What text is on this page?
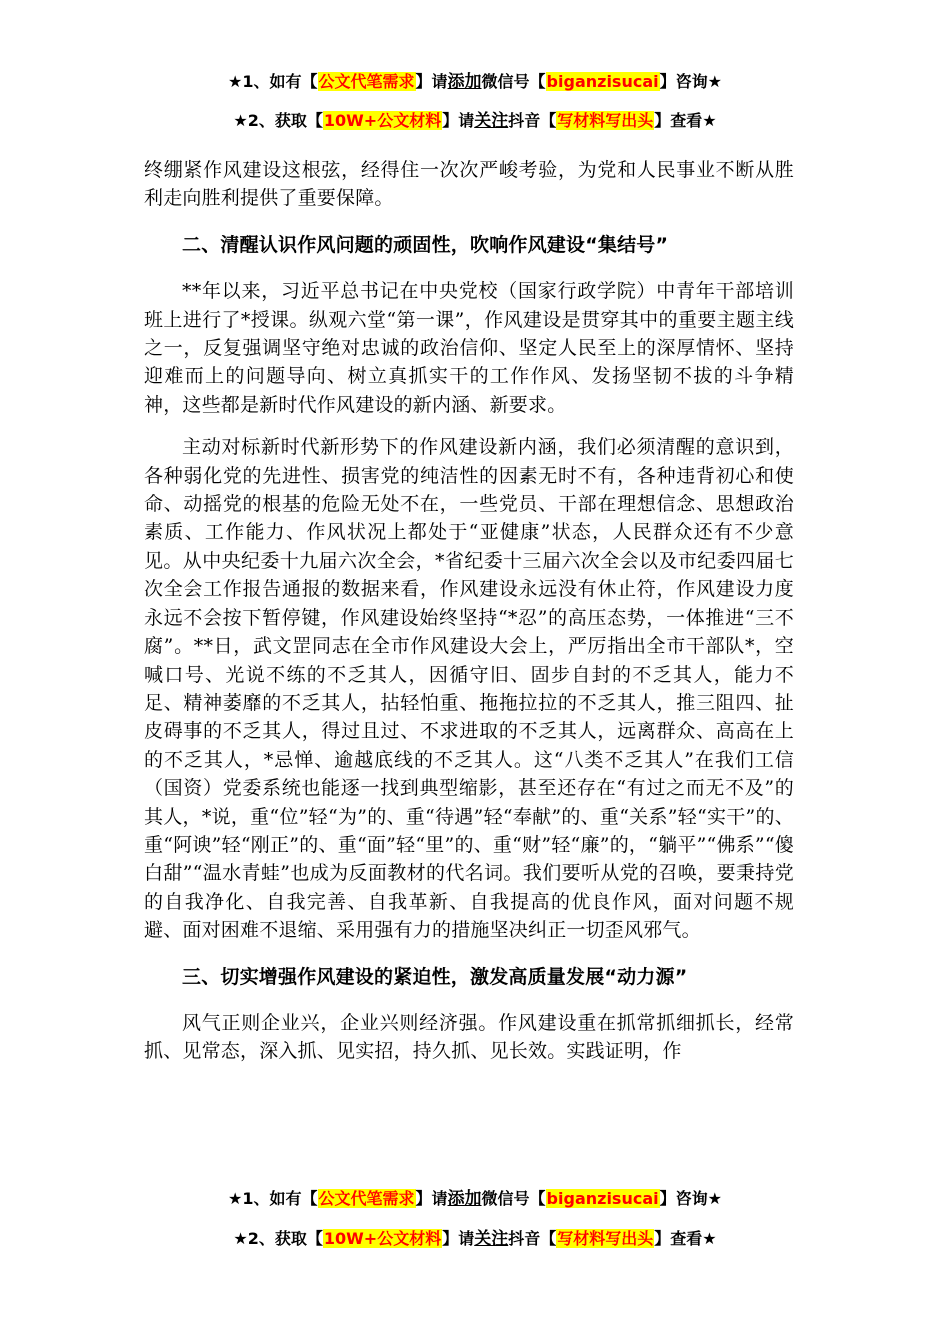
★1、如有【公文代笔需求】请添加微信号【biganzisucai】咨询★
★2、获取【10W+公文材料】请关注抖音【写材料写出头】查看★

终绷紧作风建设这根弦，经得住一次次严峻考验，为党和人民事业不断从胜利走向胜利提供了重要保障。

二、清醒认识作风问题的顽固性，吹响作风建设“集结号”

**年以来，习近平总书记在中央党校（国家行政学院）中青年干部培训班上进行了*授课。纵观六堂“第一课”，作风建设是贯穿其中的重要主题主线之一，反复强调坚守绝对忠诚的政治信仰、坚定人民至上的深厚情怀、坚持迎难而上的问题导向、树立真抓实干的工作作风、发扬坚韧不拔的斗争精神，这些都是新时代作风建设的新内涵、新要求。

主动对标新时代新形势下的作风建设新内涵，我们必须清醒的意识到，各种弱化党的先进性、损害党的纯洁性的因素无时不有，各种违背初心和使命、动摇党的根基的危险无处不在，一些党员、干部在理想信念、思想政治素质、工作能力、作风状况上都处于“亚健康”状态，人民群众还有不少意见。从中央纪委十九届六次全会，*省纪委十三届六次全会以及市纪委四届七次全会工作报告通报的数据来看，作风建设永远没有休止符，作风建设力度永远不会按下暂停键，作风建设始终坚持“*忍”的高压态势，一体推进“三不腐”。**日，武文罡同志在全市作风建设大会上，严厉指出全市干部队*，空喊口号、光说不练的不乏其人，因循守旧、固步自封的不乏其人，能力不足、精神萎靡的不乏其人，拈轻怕重、拖拖拉拉的不乏其人，推三阻四、扯皮碍事的不乏其人，得过且过、不求进取的不乏其人，远离群众、高高在上的不乏其人，*忌惮、逾越底线的不乏其人。这“八类不乏其人”在我们工信（国资）党委系统也能逐一找到典型缩影，甚至还存在“有过之而无不及”的其人，*说，重“位”轻“为”的、重“待遇”轻“奉献”的、重“关系”轻“实干”的、重“阿谀”轻“刚正”的、重“面”轻“里”的、重“财”轻“廉”的，“躺平”“佛系”“傻白甜”“温水青蛙”也成为反面教材的代名词。我们要听从党的召唤，要秉持党的自我净化、自我完善、自我革新、自我提高的优良作风，面对问题不规避、面对困难不退缩、采用强有力的措施坚决纠正一切歪风邪气。

三、切实增强作风建设的紧迫性，激发高质量发展“动力源”

风气正则企业兴，企业兴则经济强。作风建设重在抓常抓细抓长，经常抓、见常态，深入抓、见实招，持久抓、见长效。实践证明，作

★1、如有【公文代笔需求】请添加微信号【biganzisucai】咨询★
★2、获取【10W+公文材料】请关注抖音【写材料写出头】查看★
